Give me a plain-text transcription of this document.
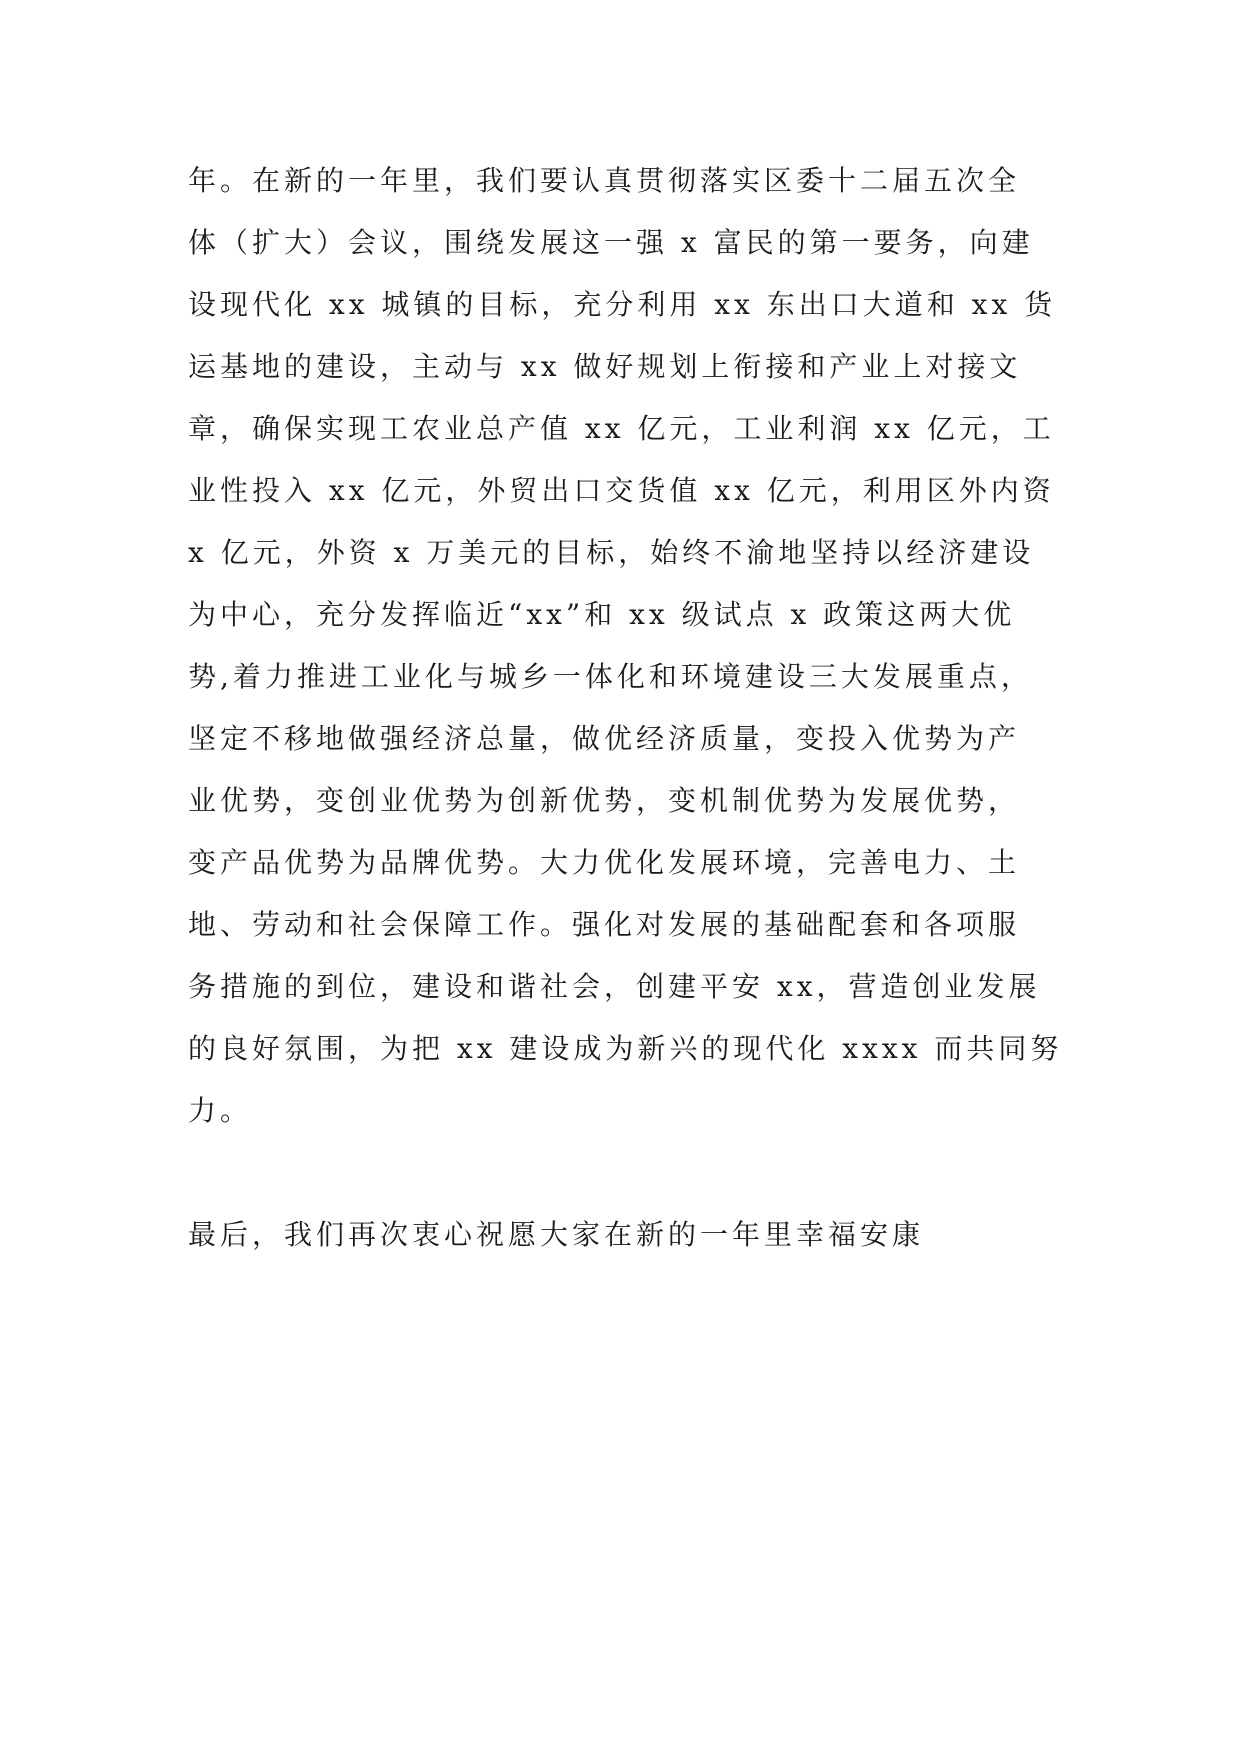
年。在新的一年里，我们要认真贯彻落实区委十二届五次全
体（扩大）会议，围绕发展这一强 x 富民的第一要务，向建
设现代化 xx 城镇的目标，充分利用 xx 东出口大道和 xx 货
运基地的建设，主动与 xx 做好规划上衔接和产业上对接文
章，确保实现工农业总产值 xx 亿元，工业利润 xx 亿元，工
业性投入 xx 亿元，外贸出口交货值 xx 亿元，利用区外内资
x 亿元，外资 x 万美元的目标，始终不渝地坚持以经济建设
为中心，充分发挥临近“xx”和 xx 级试点 x 政策这两大优
势,着力推进工业化与城乡一体化和环境建设三大发展重点，
坚定不移地做强经济总量，做优经济质量，变投入优势为产
业优势，变创业优势为创新优势，变机制优势为发展优势，
变产品优势为品牌优势。大力优化发展环境，完善电力、土
地、劳动和社会保障工作。强化对发展的基础配套和各项服
务措施的到位，建设和谐社会，创建平安 xx，营造创业发展
的良好氛围，为把 xx 建设成为新兴的现代化 xxxx 而共同努
力。
最后，我们再次衷心祝愿大家在新的一年里幸福安康
